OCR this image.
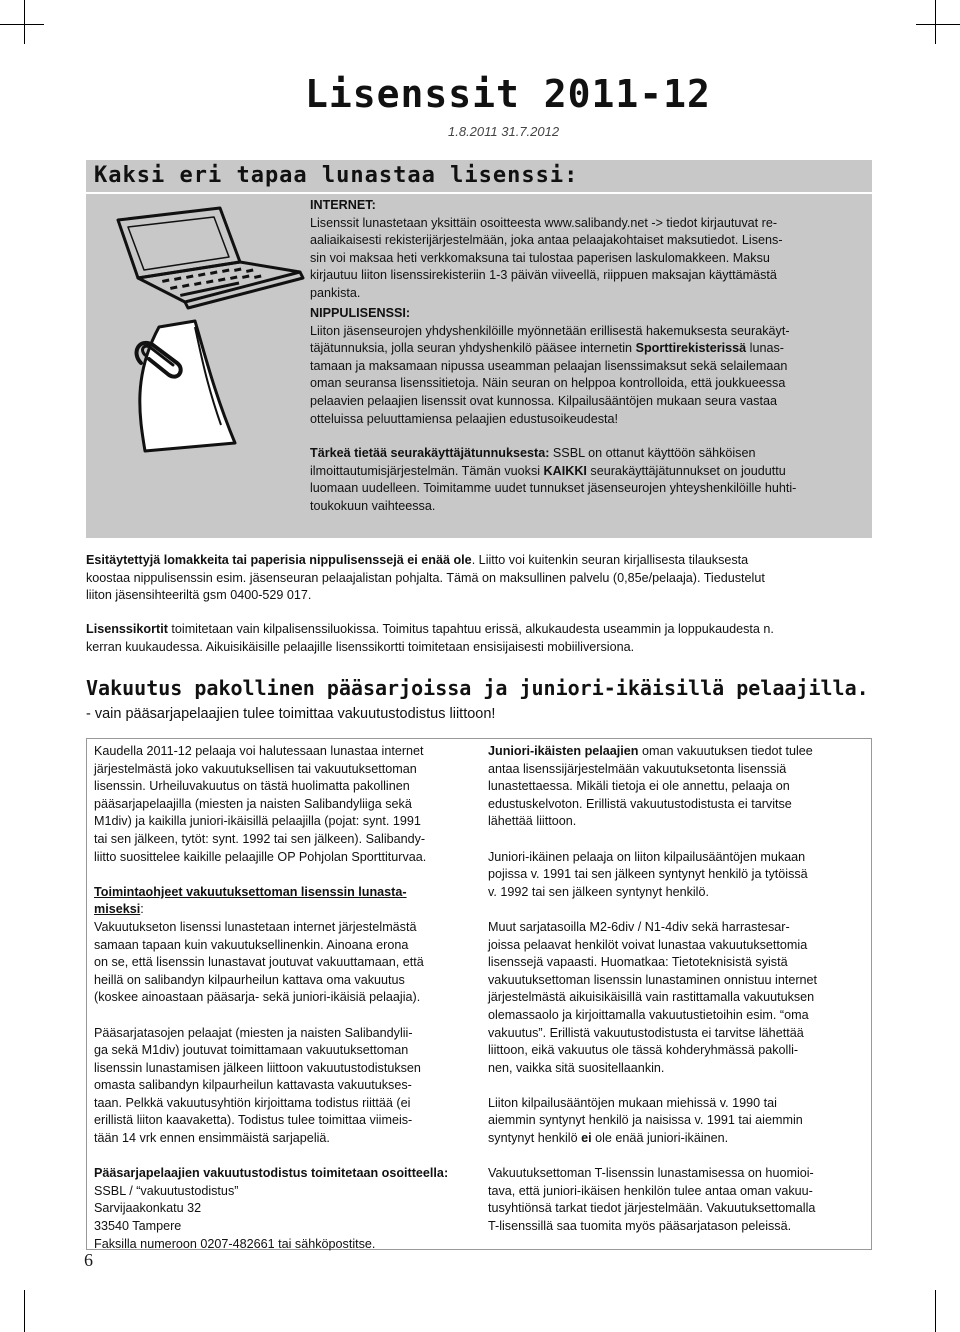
Lisenssit 2011-12
1.8.2011 31.7.2012
Kaksi eri tapaa lunastaa lisenssi:

INTERNET:

Lisenssit lunastetaan yksittäin osoitteesta www.salibandy.net -> tiedot kirjautuvat re-

aaliaikaisesti rekisterijärjestelmään, joka antaa pelaajakohtaiset maksutiedot. Lisens-

sin voi maksaa heti verkkomaksuna tai tulostaa paperisen laskulomakkeen. Maksu

kirjautuu liiton lisenssirekisteriin 1-3 päivän viiveellä, riippuen maksajan käyttämästä

pankista.

NIPPULISENSSI:

Liiton jäsenseurojen yhdyshenkilöille myönnetään erillisestä hakemuksesta seurakäyt-

täjätunnuksia, jolla seuran yhdyshenkilö pääsee internetin Sporttirekisterissä lunas-

tamaan ja maksamaan nipussa useamman pelaajan lisenssimaksut sekä selailemaan

oman seuransa lisenssitietoja. Näin seuran on helppoa kontrolloida, että joukkueessa

pelaavien pelaajien lisenssit ovat kunnossa. Kilpailusääntöjen mukaan seura vastaa

otteluissa peluuttamiensa pelaajien edustusoikeudesta!

Tärkeä tietää seurakäyttäjätunnuksesta: SSBL on ottanut käyttöön sähköisen

ilmoittautumisjärjestelmän. Tämän vuoksi KAIKKI seurakäyttäjätunnukset on jouduttu

luomaan uudelleen. Toimitamme uudet tunnukset jäsenseurojen yhteyshenkilöille huhti-

toukokuun vaihteessa.

Esitäytettyjä lomakkeita tai paperisia nippulisenssejä ei enää ole. Liitto voi kuitenkin seuran kirjallisesta tilauksesta

koostaa nippulisenssin esim. jäsenseuran pelaajalistan pohjalta. Tämä on maksullinen palvelu (0,85e/pelaaja). Tiedustelut

liiton jäsensihteeriltä gsm 0400-529 017.

Lisenssikortit toimitetaan vain kilpalisenssiluokissa. Toimitus tapahtuu erissä, alkukaudesta useammin ja loppukaudesta n.

kerran kuukaudessa. Aikuisikäisille pelaajille lisenssikortti toimitetaan ensisijaisesti mobiiliversiona.

Vakuutus pakollinen pääsarjoissa ja juniori-ikäisillä pelaajilla.
- vain pääsarjapelaajien tulee toimittaa vakuutustodistus liittoon!

Kaudella 2011-12 pelaaja voi halutessaan lunastaa internet
järjestelmästä joko vakuutuksellisen tai vakuutuksettoman
lisenssin. Urheiluvakuutus on tästä huolimatta pakollinen
pääsarjapelaajilla (miesten ja naisten Salibandyliiga sekä
M1div) ja kaikilla juniori-ikäisillä pelaajilla (pojat: synt. 1991
tai sen jälkeen, tytöt: synt. 1992 tai sen jälkeen). Salibandy-
liitto suosittelee kaikille pelaajille OP Pohjolan Sporttiturvaa.

Toimintaohjeet vakuutuksettoman lisenssin lunasta-
miseksi:
Vakuutukseton lisenssi lunastetaan internet järjestelmästä
samaan tapaan kuin vakuutuksellinenkin. Ainoana erona
on se, että lisenssin lunastavat joutuvat vakuuttamaan, että
heillä on salibandyn kilpaurheilun kattava oma vakuutus
(koskee ainoastaan pääsarja- sekä juniori-ikäisiä pelaajia).

Pääsarjatasojen pelaajat (miesten ja naisten Salibandylii-
ga sekä M1div) joutuvat toimittamaan vakuutuksettoman
lisenssin lunastamisen jälkeen liittoon vakuutustodistuksen
omasta salibandyn kilpaurheilun kattavasta vakuutukses-
taan. Pelkkä vakuutusyhtiön kirjoittama todistus riittää (ei
erillistä liiton kaavaketta). Todistus tulee toimittaa viimeis-
tään 14 vrk ennen ensimmäistä sarjapeliä.

Pääsarjapelaajien vakuutustodistus toimitetaan osoitteella:
SSBL / “vakuutustodistus”
Sarvijaakonkatu 32
33540 Tampere
Faksilla numeroon 0207-482661 tai sähköpostitse.

Juniori-ikäisten pelaajien oman vakuutuksen tiedot tulee
antaa lisenssijärjestelmään vakuutuksetonta lisenssiä
lunastettaessa. Mikäli tietoja ei ole annettu, pelaaja on
edustuskelvoton. Erillistä vakuutustodistusta ei tarvitse
lähettää liittoon.

Juniori-ikäinen pelaaja on liiton kilpailusääntöjen mukaan
pojissa v. 1991 tai sen jälkeen syntynyt henkilö ja tytöissä
v. 1992 tai sen jälkeen syntynyt henkilö.

Muut sarjatasoilla M2-6div / N1-4div sekä harrastesar-
joissa pelaavat henkilöt voivat lunastaa vakuutuksettomia
lisenssejä vapaasti. Huomatkaa: Tietoteknisistä syistä
vakuutuksettoman lisenssin lunastaminen onnistuu internet
järjestelmästä aikuisikäisillä vain rastittamalla vakuutuksen
olemassaolo ja kirjoittamalla vakuutustietoihin esim. “oma
vakuutus”. Erillistä vakuutustodistusta ei tarvitse lähettää
liittoon, eikä vakuutus ole tässä kohderyhmässä pakolli-
nen, vaikka sitä suositellaankin.

Liiton kilpailusääntöjen mukaan miehissä v. 1990 tai
aiemmin syntynyt henkilö ja naisissa v. 1991 tai aiemmin
syntynyt henkilö ei ole enää juniori-ikäinen.

Vakuutuksettoman T-lisenssin lunastamisessa on huomioi-
tava, että juniori-ikäisen henkilön tulee antaa oman vakuu-
tusyhtiönsä tarkat tiedot järjestelmään. Vakuutuksettomalla
T-lisenssillä saa tuomita myös pääsarjatason peleissä.

6
